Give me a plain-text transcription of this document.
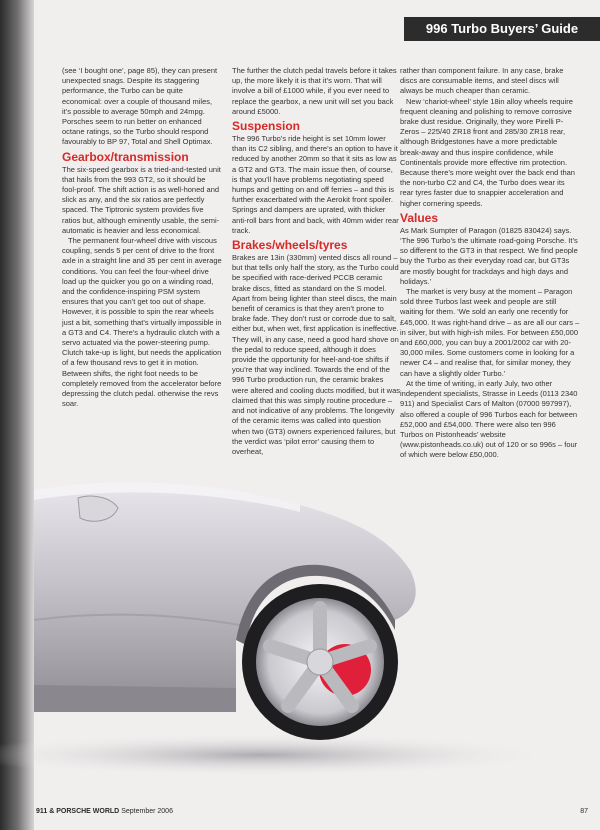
996 Turbo Buyers’ Guide

(see ‘I bought one’, page 85), they can present unexpected snags. Despite its staggering performance, the Turbo can be quite economical: over a couple of thousand miles, it’s possible to average 50mph and 24mpg. Porsches seem to run better on enhanced octane ratings, so the Turbo should respond favourably to BP 97, Total and Shell Optimax.

Gearbox/transmission

The six-speed gearbox is a tried-and-tested unit that hails from the 993 GT2, so it should be fool-proof. The shift action is as well-honed and slick as any, and the six ratios are perfectly spaced. The Tiptronic system provides five ratios but, although eminently usable, the semi-automatic is heavier and less economical.

The permanent four-wheel drive with viscous coupling, sends 5 per cent of drive to the front axle in a straight line and 35 per cent in average conditions. You can feel the four-wheel drive load up the quicker you go on a winding road, and the confidence-inspiring PSM system ensures that you can’t get too out of shape. However, it is possible to spin the rear wheels just a bit, something that’s virtually impossible in a GT3 and C4. There’s a hydraulic clutch with a servo actuated via the power-steering pump. Clutch take-up is light, but needs the application of a few thousand revs to get it in motion. Between shifts, the right foot needs to be completely removed from the accelerator before depressing the clutch pedal. otherwise the revs soar.

The further the clutch pedal travels before it takes up, the more likely it is that it’s worn. That will involve a bill of £1000 while, if you ever need to replace the gearbox, a new unit will set you back around £5000.

Suspension

The 996 Turbo’s ride height is set 10mm lower than its C2 sibling, and there’s an option to have it reduced by another 20mm so that it sits as low as a GT2 and GT3. The main issue then, of course, is that you’ll have problems negotiating speed humps and getting on and off ferries – and this is further exacerbated with the Aerokit front spoiler. Springs and dampers are uprated, with thicker anti-roll bars front and back, with 40mm wider rear track.

Brakes/wheels/tyres

Brakes are 13in (330mm) vented discs all round – but that tells only half the story, as the Turbo could be specified with race-derived PCCB ceramic brake discs, fitted as standard on the S model. Apart from being lighter than steel discs, the main benefit of ceramics is that they aren’t prone to brake fade. They don’t rust or corrode due to salt, either but, when wet, first application is ineffective. They will, in any case, need a good hard shove on the pedal to reduce speed, although it does provide the opportunity for heel-and-toe shifts if you’re that way inclined. Towards the end of the 996 Turbo production run, the ceramic brakes were altered and cooling ducts modified, but it was claimed that this was simply routine procedure – and not indicative of any problems. The longevity of the ceramic items was called into question when two (GT3) owners experienced failures, but the verdict was ‘pilot error’ causing them to overheat,

rather than component failure. In any case, brake discs are consumable items, and steel discs will always be much cheaper than ceramic.

New ‘chariot-wheel’ style 18in alloy wheels require frequent cleaning and polishing to remove corrosive brake dust residue. Originally, they wore Pirelli P-Zeros – 225/40 ZR18 front and 285/30 ZR18 rear, although Bridgestones have a more predictable break-away and thus inspire confidence, while Continentals provide more effective rim protection. Because there’s more weight over the back end than the non-turbo C2 and C4, the Turbo does wear its rear tyres faster due to snappier acceleration and higher cornering speeds.

Values

As Mark Sumpter of Paragon (01825 830424) says. ‘The 996 Turbo’s the ultimate road-going Porsche. It’s so different to the GT3 in that respect. We find people buy the Turbo as their everyday road car, but GT3s are mostly bought for trackdays and high days and holidays.’

The market is very busy at the moment – Paragon sold three Turbos last week and people are still waiting for them. ‘We sold an early one recently for £45,000. It was right-hand drive – as are all our cars – in silver, but with high-ish miles. For between £50,000 and £60,000, you can buy a 2001/2002 car with 20-30,000 miles. Some customers come in looking for a newer C4 – and realise that, for similar money, they can have a slightly older Turbo.’

At the time of writing, in early July, two other independent specialists, Strasse in Leeds (0113 2340 911) and Specialist Cars of Malton (07000 997997), also offered a couple of 996 Turbos each for between £52,000 and £54,000. There were also ten 996 Turbos on Pistonheads’ website (www.pistonheads.co.uk) out of 120 or so 996s – four of which were below £50,000.

911 & PORSCHE WORLD September 2006	87
